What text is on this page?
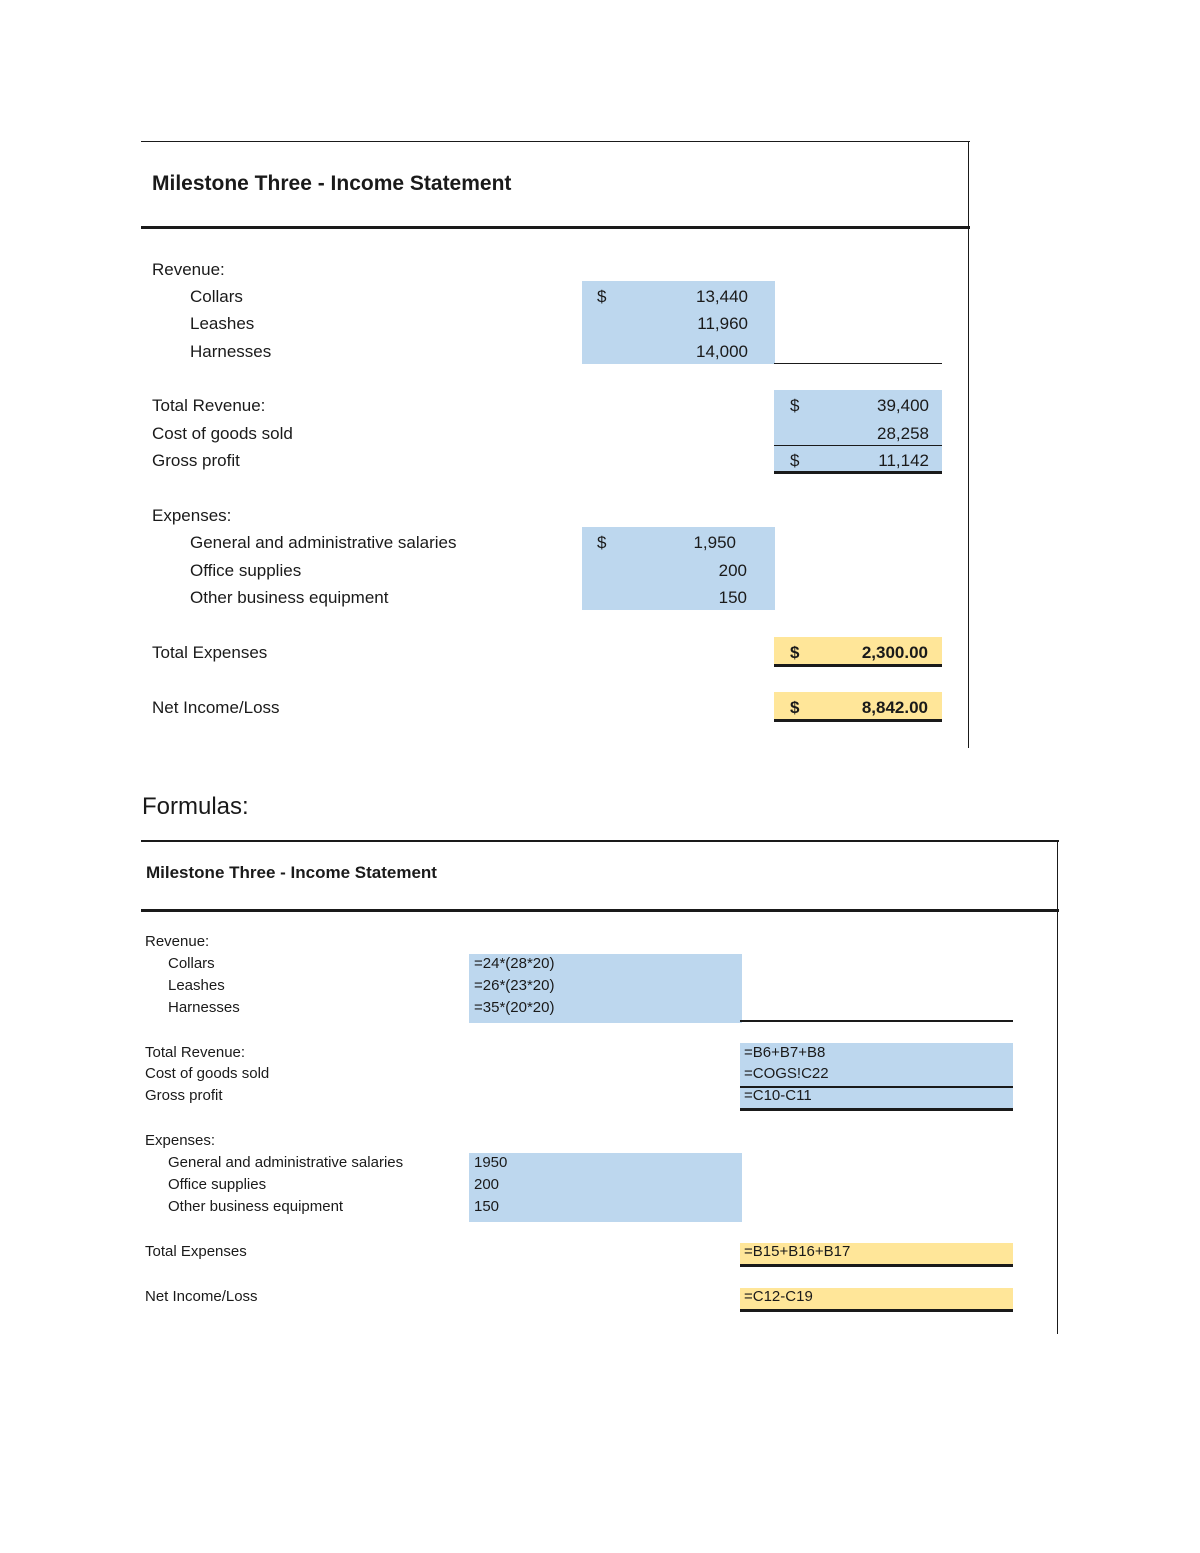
Milestone Three - Income Statement
Revenue:
Collars
Leashes
Harnesses
Total Revenue:
Cost of goods sold
Gross profit
Expenses:
General and administrative salaries
Office supplies
Other business equipment
Total Expenses
Net Income/Loss
$
$
$
$
$
$
13,440
11,960
14,000
39,400
28,258
11,142
1,950
200
150
2,300.00
8,842.00
Formulas:
Milestone Three - Income Statement
Revenue:
Collars
Leashes
Harnesses
Total Revenue:
Cost of goods sold
Gross profit
Expenses:
General and administrative salaries
Office supplies
Other business equipment
Total Expenses
Net Income/Loss
=24*(28*20)
=26*(23*20)
=35*(20*20)
=B6+B7+B8
=COGS!C22
=C10-C11
1950
200
150
=B15+B16+B17
=C12-C19
